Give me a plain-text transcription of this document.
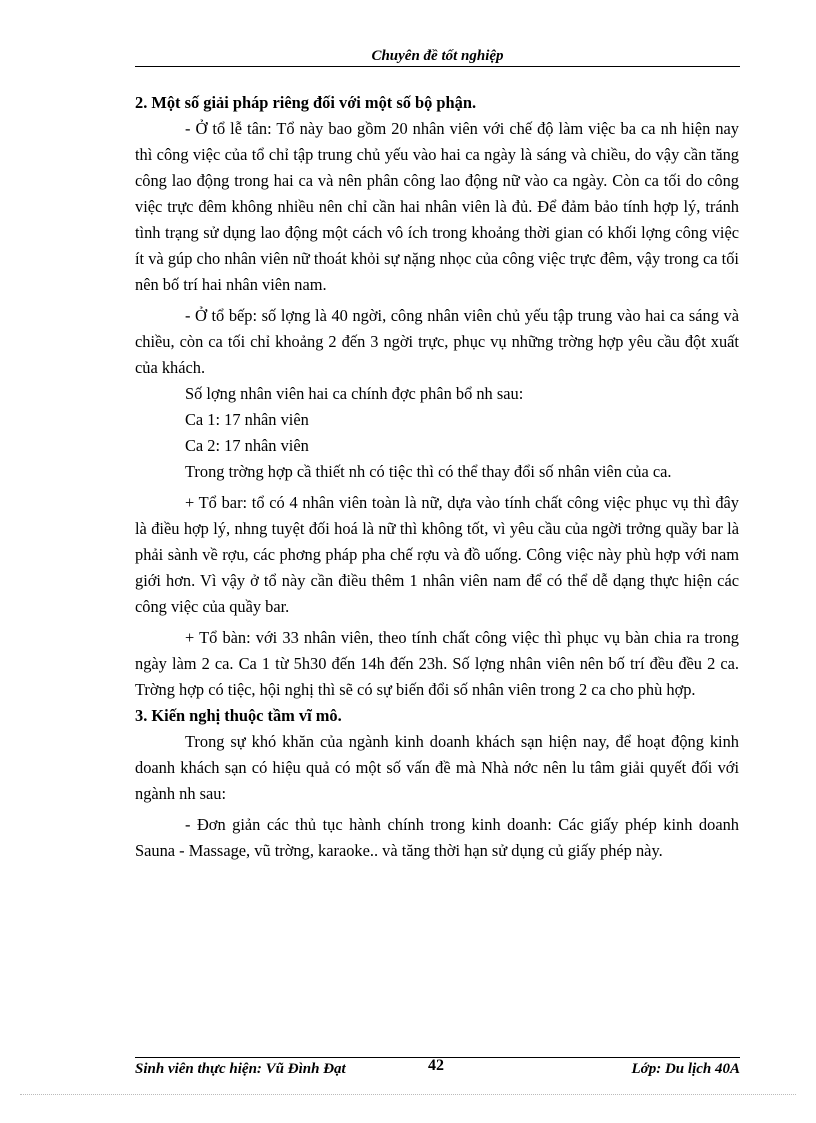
Chuyên đề tốt nghiệp
2. Một số giải pháp riêng đối với một số bộ phận.

- Ở tổ lễ tân: Tổ này bao gồm 20 nhân viên với chế độ làm việc ba ca nh hiện nay thì công việc của tổ chỉ tập trung chủ yếu vào hai ca ngày là sáng và chiều, do vậy cần tăng công lao động trong hai ca và nên phân công lao động nữ vào ca ngày. Còn ca tối do công việc trực đêm không nhiều nên chỉ cần hai nhân viên là đủ. Để đảm bảo tính hợp lý, tránh tình trạng sử dụng lao động một cách vô ích trong khoảng thời gian có khối lợng công việc ít và gúp cho nhân viên nữ thoát khỏi sự nặng nhọc của công việc trực đêm, vậy trong ca tối nên bố trí hai nhân viên nam.

- Ở tổ bếp: số lợng là 40 ngời, công nhân viên chủ yếu tập trung vào hai ca sáng và chiều, còn ca tối chỉ khoảng 2 đến 3 ngời trực, phục vụ những trờng hợp yêu cầu đột xuất của khách.

Số lợng nhân viên hai ca chính đợc phân bổ nh sau:

Ca 1: 17 nhân viên

Ca 2: 17 nhân viên

Trong trờng hợp cầ thiết nh có tiệc thì có thể thay đổi số nhân viên của ca.

+ Tổ bar: tổ có 4 nhân viên toàn là nữ, dựa vào tính chất công việc phục vụ thì đây là điều hợp lý, nhng tuyệt đối hoá là nữ thì không tốt, vì yêu cầu của ngời trởng quầy bar là phải sành về rợu, các phơng pháp pha chế rợu và đồ uống. Công việc này phù hợp với nam giới hơn. Vì vậy ở tổ này cần điều thêm 1 nhân viên nam để có thể dễ dạng thực hiện các công việc của quầy bar.

+ Tổ bàn: với 33 nhân viên, theo tính chất công việc thì phục vụ bàn chia ra trong ngày làm 2 ca. Ca 1 từ 5h30 đến 14h đến 23h. Số lợng nhân viên nên bố trí đều đều 2 ca. Trờng hợp có tiệc, hội nghị thì sẽ có sự biến đổi số nhân viên trong 2 ca cho phù hợp.

3. Kiến nghị thuộc tầm vĩ mô.

Trong sự khó khăn của ngành kinh doanh khách sạn hiện nay, để hoạt động kinh doanh khách sạn có hiệu quả có một số vấn đề mà Nhà nớc nên lu tâm giải quyết đối với ngành nh sau:

- Đơn giản các thủ tục hành chính trong kinh doanh: Các giấy phép kinh doanh Sauna - Massage, vũ trờng, karaoke.. và tăng thời hạn sử dụng củ giấy phép này.

Sinh viên thực hiện: Vũ Đình Đạt	42	Lớp: Du lịch 40A
